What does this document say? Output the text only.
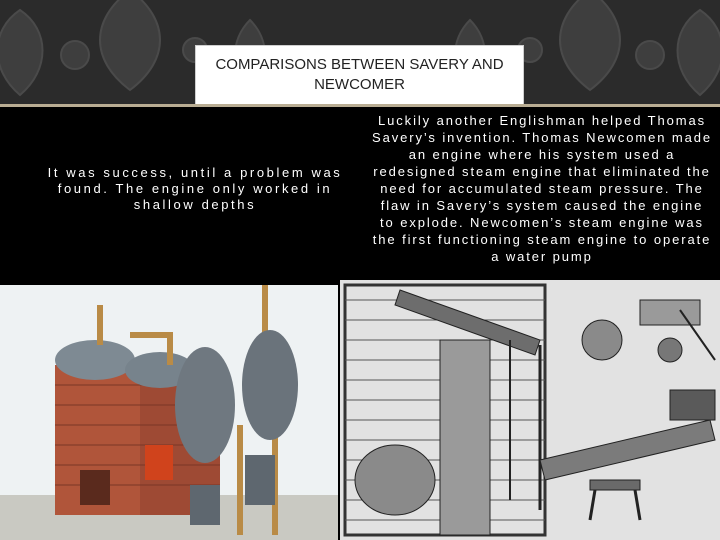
COMPARISONS BETWEEN SAVERY AND NEWCOMER
It was success, until a problem was found. The engine only worked in shallow depths
Luckily another Englishman helped Thomas Savery’s invention. Thomas Newcomen made an engine where his system used a redesigned steam engine that eliminated the need for accumulated steam pressure. The flaw in Savery’s system caused the engine to explode. Newcomen’s steam engine was the first functioning steam engine to operate a water pump
